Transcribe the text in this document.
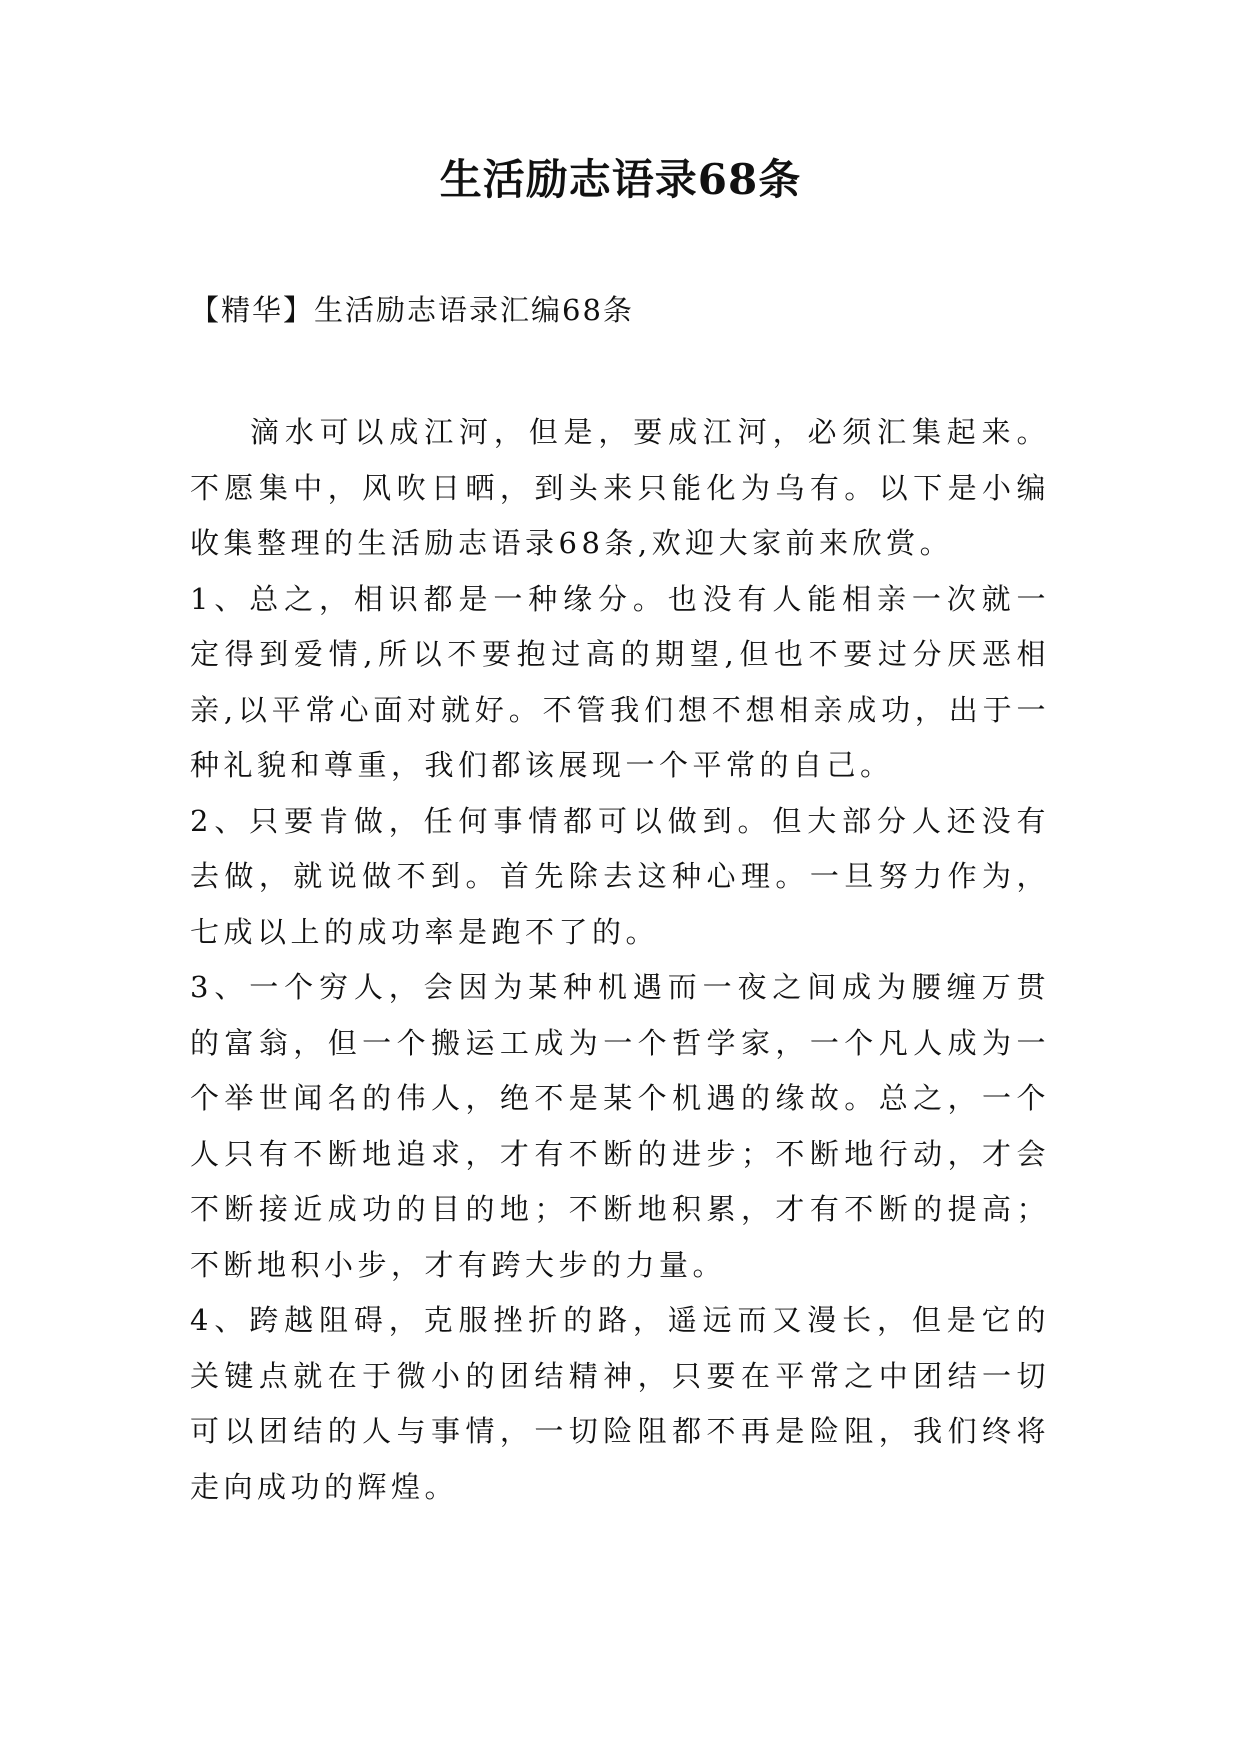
生活励志语录68条

【精华】生活励志语录汇编68条

滴水可以成江河，但是，要成江河，必须汇集起来。不愿集中，风吹日晒，到头来只能化为乌有。以下是小编收集整理的生活励志语录68条,欢迎大家前来欣赏。

1、总之，相识都是一种缘分。也没有人能相亲一次就一定得到爱情,所以不要抱过高的期望,但也不要过分厌恶相亲,以平常心面对就好。不管我们想不想相亲成功，出于一种礼貌和尊重，我们都该展现一个平常的自己。

2、只要肯做，任何事情都可以做到。但大部分人还没有去做，就说做不到。首先除去这种心理。一旦努力作为，七成以上的成功率是跑不了的。

3、一个穷人，会因为某种机遇而一夜之间成为腰缠万贯的富翁，但一个搬运工成为一个哲学家，一个凡人成为一个举世闻名的伟人，绝不是某个机遇的缘故。总之，一个人只有不断地追求，才有不断的进步；不断地行动，才会不断接近成功的目的地；不断地积累，才有不断的提高；不断地积小步，才有跨大步的力量。

4、跨越阻碍，克服挫折的路，遥远而又漫长，但是它的关键点就在于微小的团结精神，只要在平常之中团结一切可以团结的人与事情，一切险阻都不再是险阻，我们终将走向成功的辉煌。
